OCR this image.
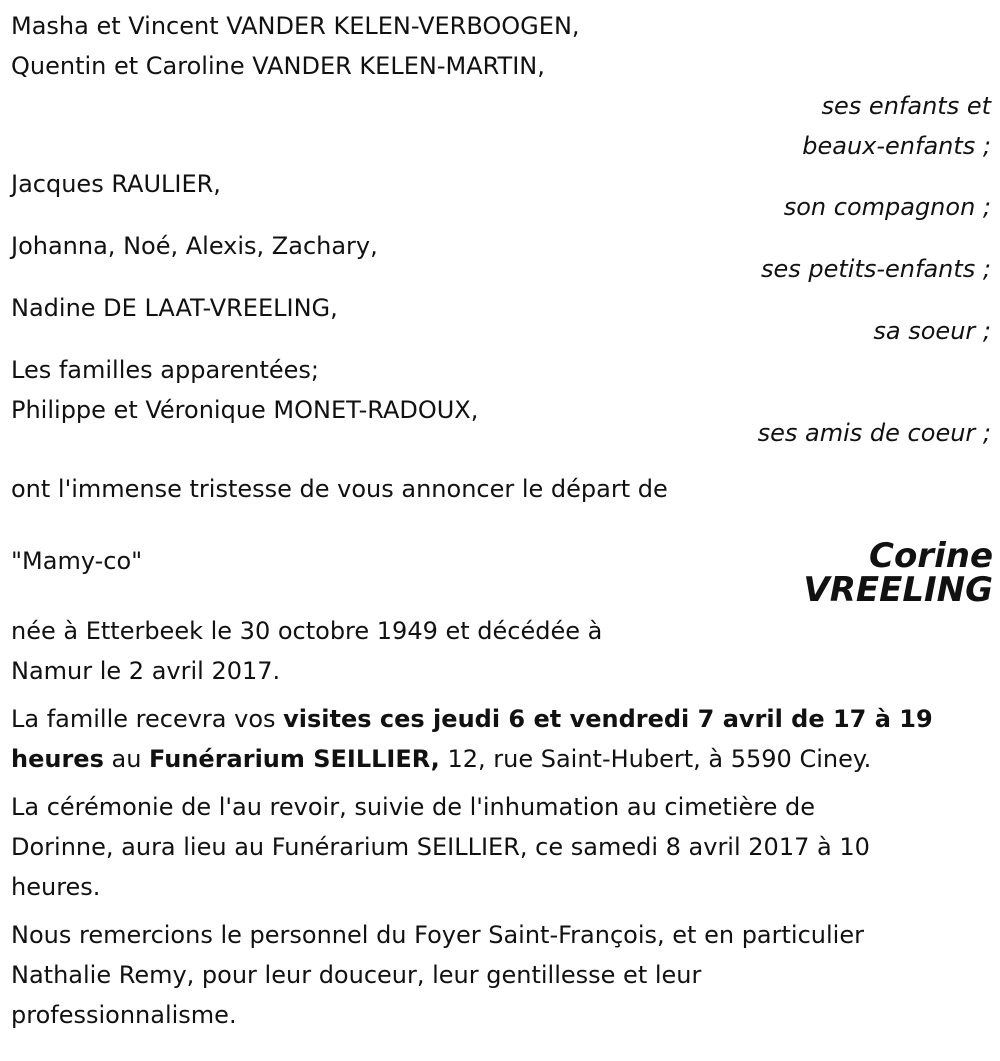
Masha et Vincent VANDER KELEN-VERBOOGEN,
Quentin et Caroline VANDER KELEN-MARTIN,
ses enfants et
beaux-enfants ;
Jacques RAULIER,
son compagnon ;
Johanna, Noé, Alexis, Zachary,
ses petits-enfants ;
Nadine DE LAAT-VREELING,
sa soeur ;
Les familles apparentées;
Philippe et Véronique MONET-RADOUX,
ses amis de coeur ;
ont l'immense tristesse de vous annoncer le départ de
"Mamy-co"	Corine
VREELING
née à Etterbeek le 30 octobre 1949 et décédée à
Namur le 2 avril 2017.
La famille recevra vos visites ces jeudi 6 et vendredi 7 avril de 17 à 19
heures au Funérarium SEILLIER, 12, rue Saint-Hubert, à 5590 Ciney.
La cérémonie de l'au revoir, suivie de l'inhumation au cimetière de
Dorinne, aura lieu au Funérarium SEILLIER, ce samedi 8 avril 2017 à 10
heures.
Nous remercions le personnel du Foyer Saint-François, et en particulier
Nathalie Remy, pour leur douceur, leur gentillesse et leur
professionnalisme.
